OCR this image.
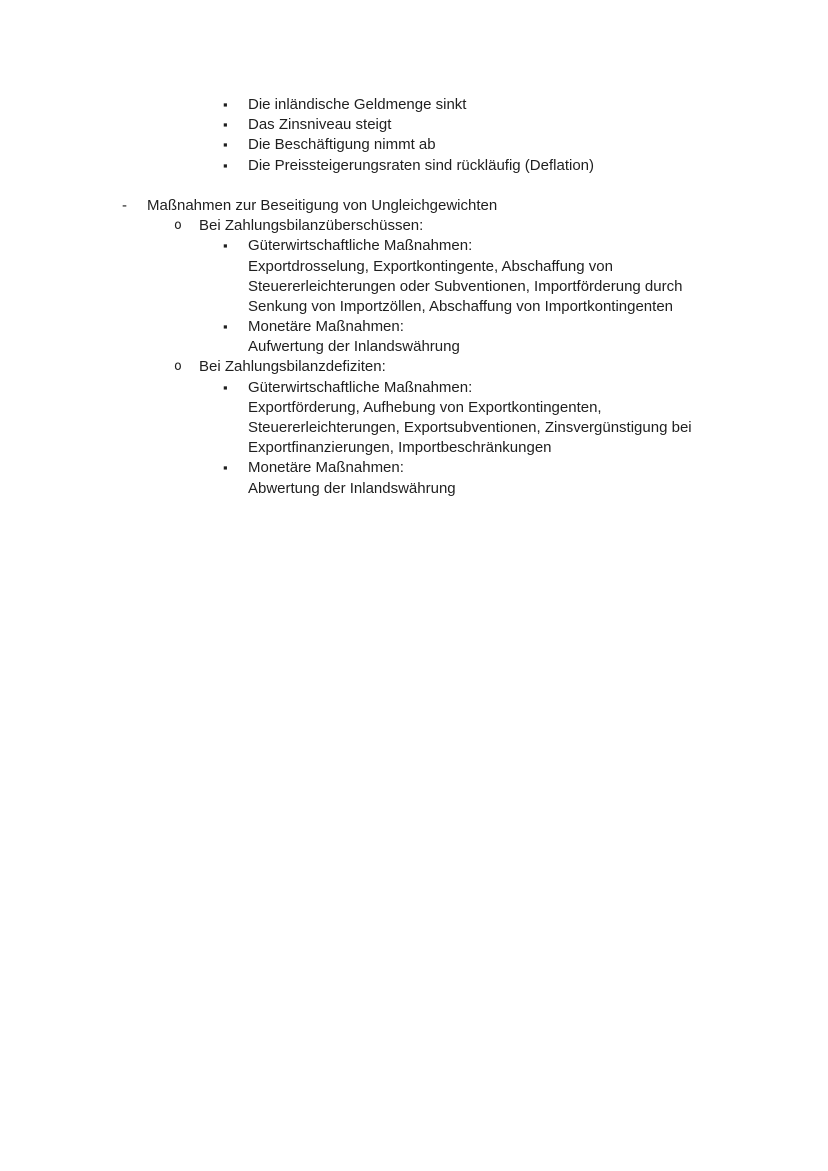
▪ Die inländische Geldmenge sinkt
▪ Das Zinsniveau steigt
▪ Die Beschäftigung nimmt ab
▪ Die Preissteigerungsraten sind rückläufig (Deflation)
- Maßnahmen zur Beseitigung von Ungleichgewichten
o Bei Zahlungsbilanzüberschüssen:
▪ Güterwirtschaftliche Maßnahmen:
Exportdrosselung, Exportkontingente, Abschaffung von
Steuererleichterungen oder Subventionen, Importförderung durch
Senkung von Importzöllen, Abschaffung von Importkontingenten
▪ Monetäre Maßnahmen:
Aufwertung der Inlandswährung
o Bei Zahlungsbilanzdefiziten:
▪ Güterwirtschaftliche Maßnahmen:
Exportförderung, Aufhebung von Exportkontingenten,
Steuererleichterungen, Exportsubventionen, Zinsvergünstigung bei
Exportfinanzierungen, Importbeschränkungen
▪ Monetäre Maßnahmen:
Abwertung der Inlandswährung
